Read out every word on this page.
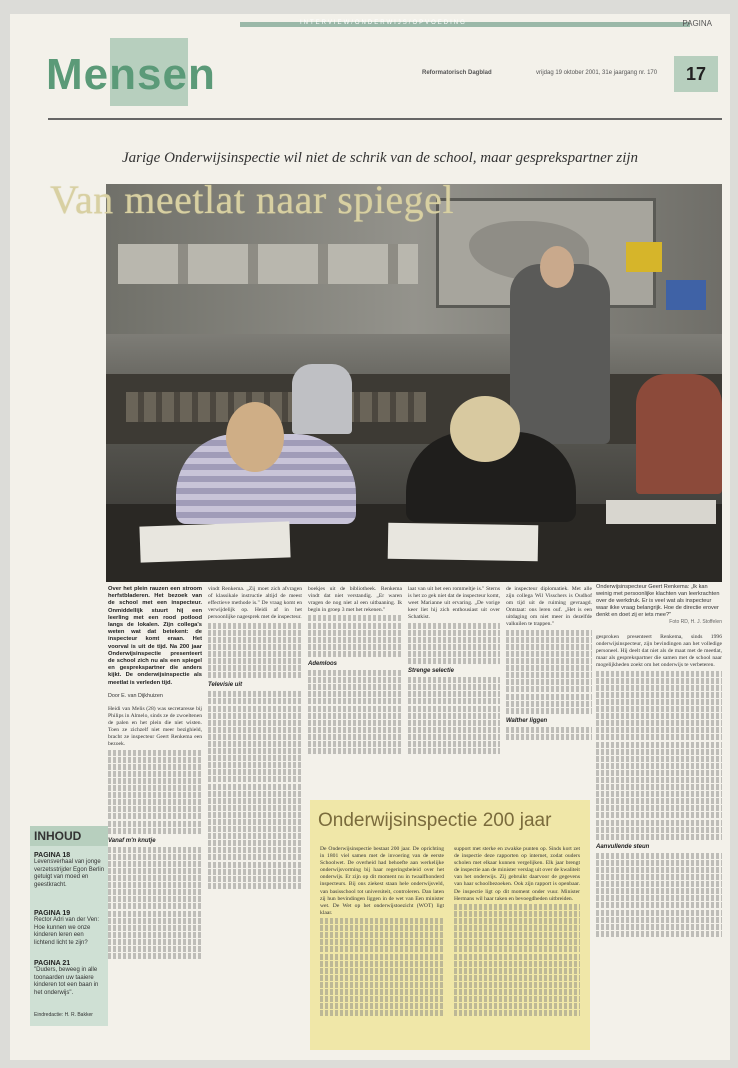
INTERVIEW/ONDERWIJS/OPVOEDING	PAGINA
Mensen	Reformatorisch Dagblad	vrijdag 19 oktober 2001, 31e jaargang nr. 170	17
Jarige Onderwijsinspectie wil niet de schrik van de school, maar gesprekspartner zijn
Van meetlat naar spiegel

Over het plein rauzen een stroom herfstbladeren. Het bezoek van de school met een inspecteur. Onmiddellijk stuurt hij een leerling met een rood potlood langs de lokalen. Zijn collega's weten wat dat betekent: de inspecteur komt eraan. Het voorval is uit de tijd. Na 200 jaar Onderwijsinspectie presenteert de school zich nu als een spiegel en gesprekspartner die anders kijkt. De onderwijsinspectie als meetlat is verleden tijd.

Door E. van Dijkhuizen

Heidi van Melis (28) was secretaresse bij Philips in Almelo, sinds ze de zwoeltenen de palen en het plein die niet wisten. Toen ze zichzelf niet meer bezighield, bracht ze inspecteur Geert Renkema een bezoek.

Vanaf m'n knutje

vindt Renkema. „Zij moet zich afvragen of klassikale instructie altijd de meest effectieve methode is." De vraag komt en verwijdelijk op. Heidi af in het persoonlijke nagesprek met de inspecteur.

Televisie uit

boekjes uit de bibliotheek. Renkema vindt dat niet verstandig. „Er waren vragen de nog niet al een uitbaaning. Ik begin in groep 3 met het rekenen."

Ademloos

laat van uit het een rommeltje is." Sterns is het zo gek niet dat de inspecteur komt, weet Marianne uit ervaring. „De vorige keer liet hij zich enthousiast uit over Schatkist.

Strenge selectie

de inspecteur diplomatiek. Met alle zijn collega Wil Visschers is Oudhof om tijd uit de ruiming gevraagd. Ontstaat: ons leren ouf. „Het is een uitdaging om niet meer in dezelfde valkuilen te trappen."

Walther liggen

Onderwijsinspecteur Geert Renkema: „Ik kan weinig met persoonlijke klachten van leerkrachten over de werkdruk. Er is veel wat als inspecteur waar ikke vraag belangrijk. Hoe de directie erover denkt en doet zij er iets mee?"

Foto RD, H. J. Stoffelen

gesproken presenteert Renkema, sinds 1996 onderwijsinspecteur, zijn bevindingen aan het volledige personeel. Hij deelt dat niet als de maat met de meetlat, maar als gesprekspartner die samen met de school naar mogelijkheden zoekt om het onderwijs te verbeteren.

Aanvullende steun

INHOUD
PAGINA 18
Levensverhaal van jonge verzetsstrijder Egon Berlin getuigt van moed en geestkracht.
PAGINA 19
Rector Adri van der Ven: Hoe kunnen we onze kinderen leren een lichtend licht te zijn?
PAGINA 21
"Duders, beweeg in alle toonaarden uw taaiere kinderen tot een baan in het onderwijs".
Eindredactie: H. R. Bakker
Onderwijsinspectie 200 jaar

De Onderwijsinspectie bestaat 200 jaar. De oprichting in 1801 viel samen met de invoering van de eerste Schoolwet. De overheid had behoefte aan werkelijke onderwijsvorming bij haar regeringsbeleid over het onderwijs. Er zijn op dit moment nu in twaalfhonderd inspecteurs. Bij ons ziekest staan hele onderwijsveld, van basisschool tot universiteit, controleren. Dan laten zij hun bevindingen liggen in de wet van Een minister wet. De Wet op het onderwijstoezicht (WOT) ligt klaar.

support met sterke en zwakke punten op. Sinds kort zet de inspectie deze rapporten op internet, zodat ouders scholen met elkaar kunnen vergelijken. Elk jaar brengt de inspectie aan de minister verslag uit over de kwaliteit van het onderwijs. Zij gebruikt daarvoor de gegevens van haar schoolbezoeken. Ook zijn rapport is openbaar. De inspectie ligt op dit moment onder vuur. Minister Hermans wil haar taken en bevoegdheden uitbreiden.
